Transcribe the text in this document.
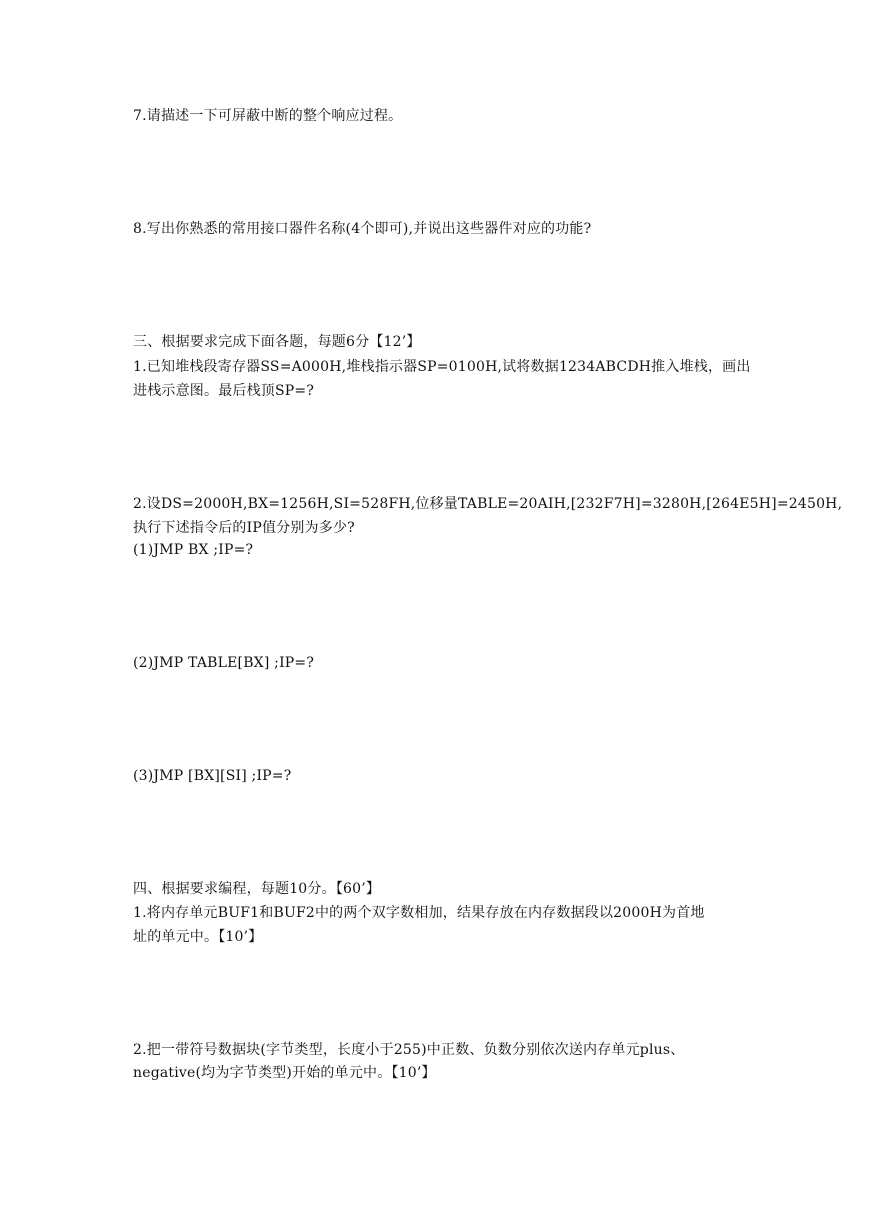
7.请描述一下可屏蔽中断的整个响应过程。
8.写出你熟悉的常用接口器件名称(4个即可),并说出这些器件对应的功能?
三、根据要求完成下面各题，每题6分【12’】
1.已知堆栈段寄存器SS=A000H,堆栈指示器SP=0100H,试将数据1234ABCDH推入堆栈，画出
进栈示意图。最后栈顶SP=?
2.设DS=2000H,BX=1256H,SI=528FH,位移量TABLE=20AIH,[232F7H]=3280H,[264E5H]=2450H,
执行下述指令后的IP值分别为多少?
(1)JMP BX ;IP=?
(2)JMP TABLE[BX] ;IP=?
(3)JMP [BX][SI] ;IP=?
四、根据要求编程，每题10分。【60’】
1.将内存单元BUF1和BUF2中的两个双字数相加，结果存放在内存数据段以2000H为首地
址的单元中。【10’】
2.把一带符号数据块(字节类型，长度小于255)中正数、负数分别依次送内存单元plus、
negative(均为字节类型)开始的单元中。【10’】
